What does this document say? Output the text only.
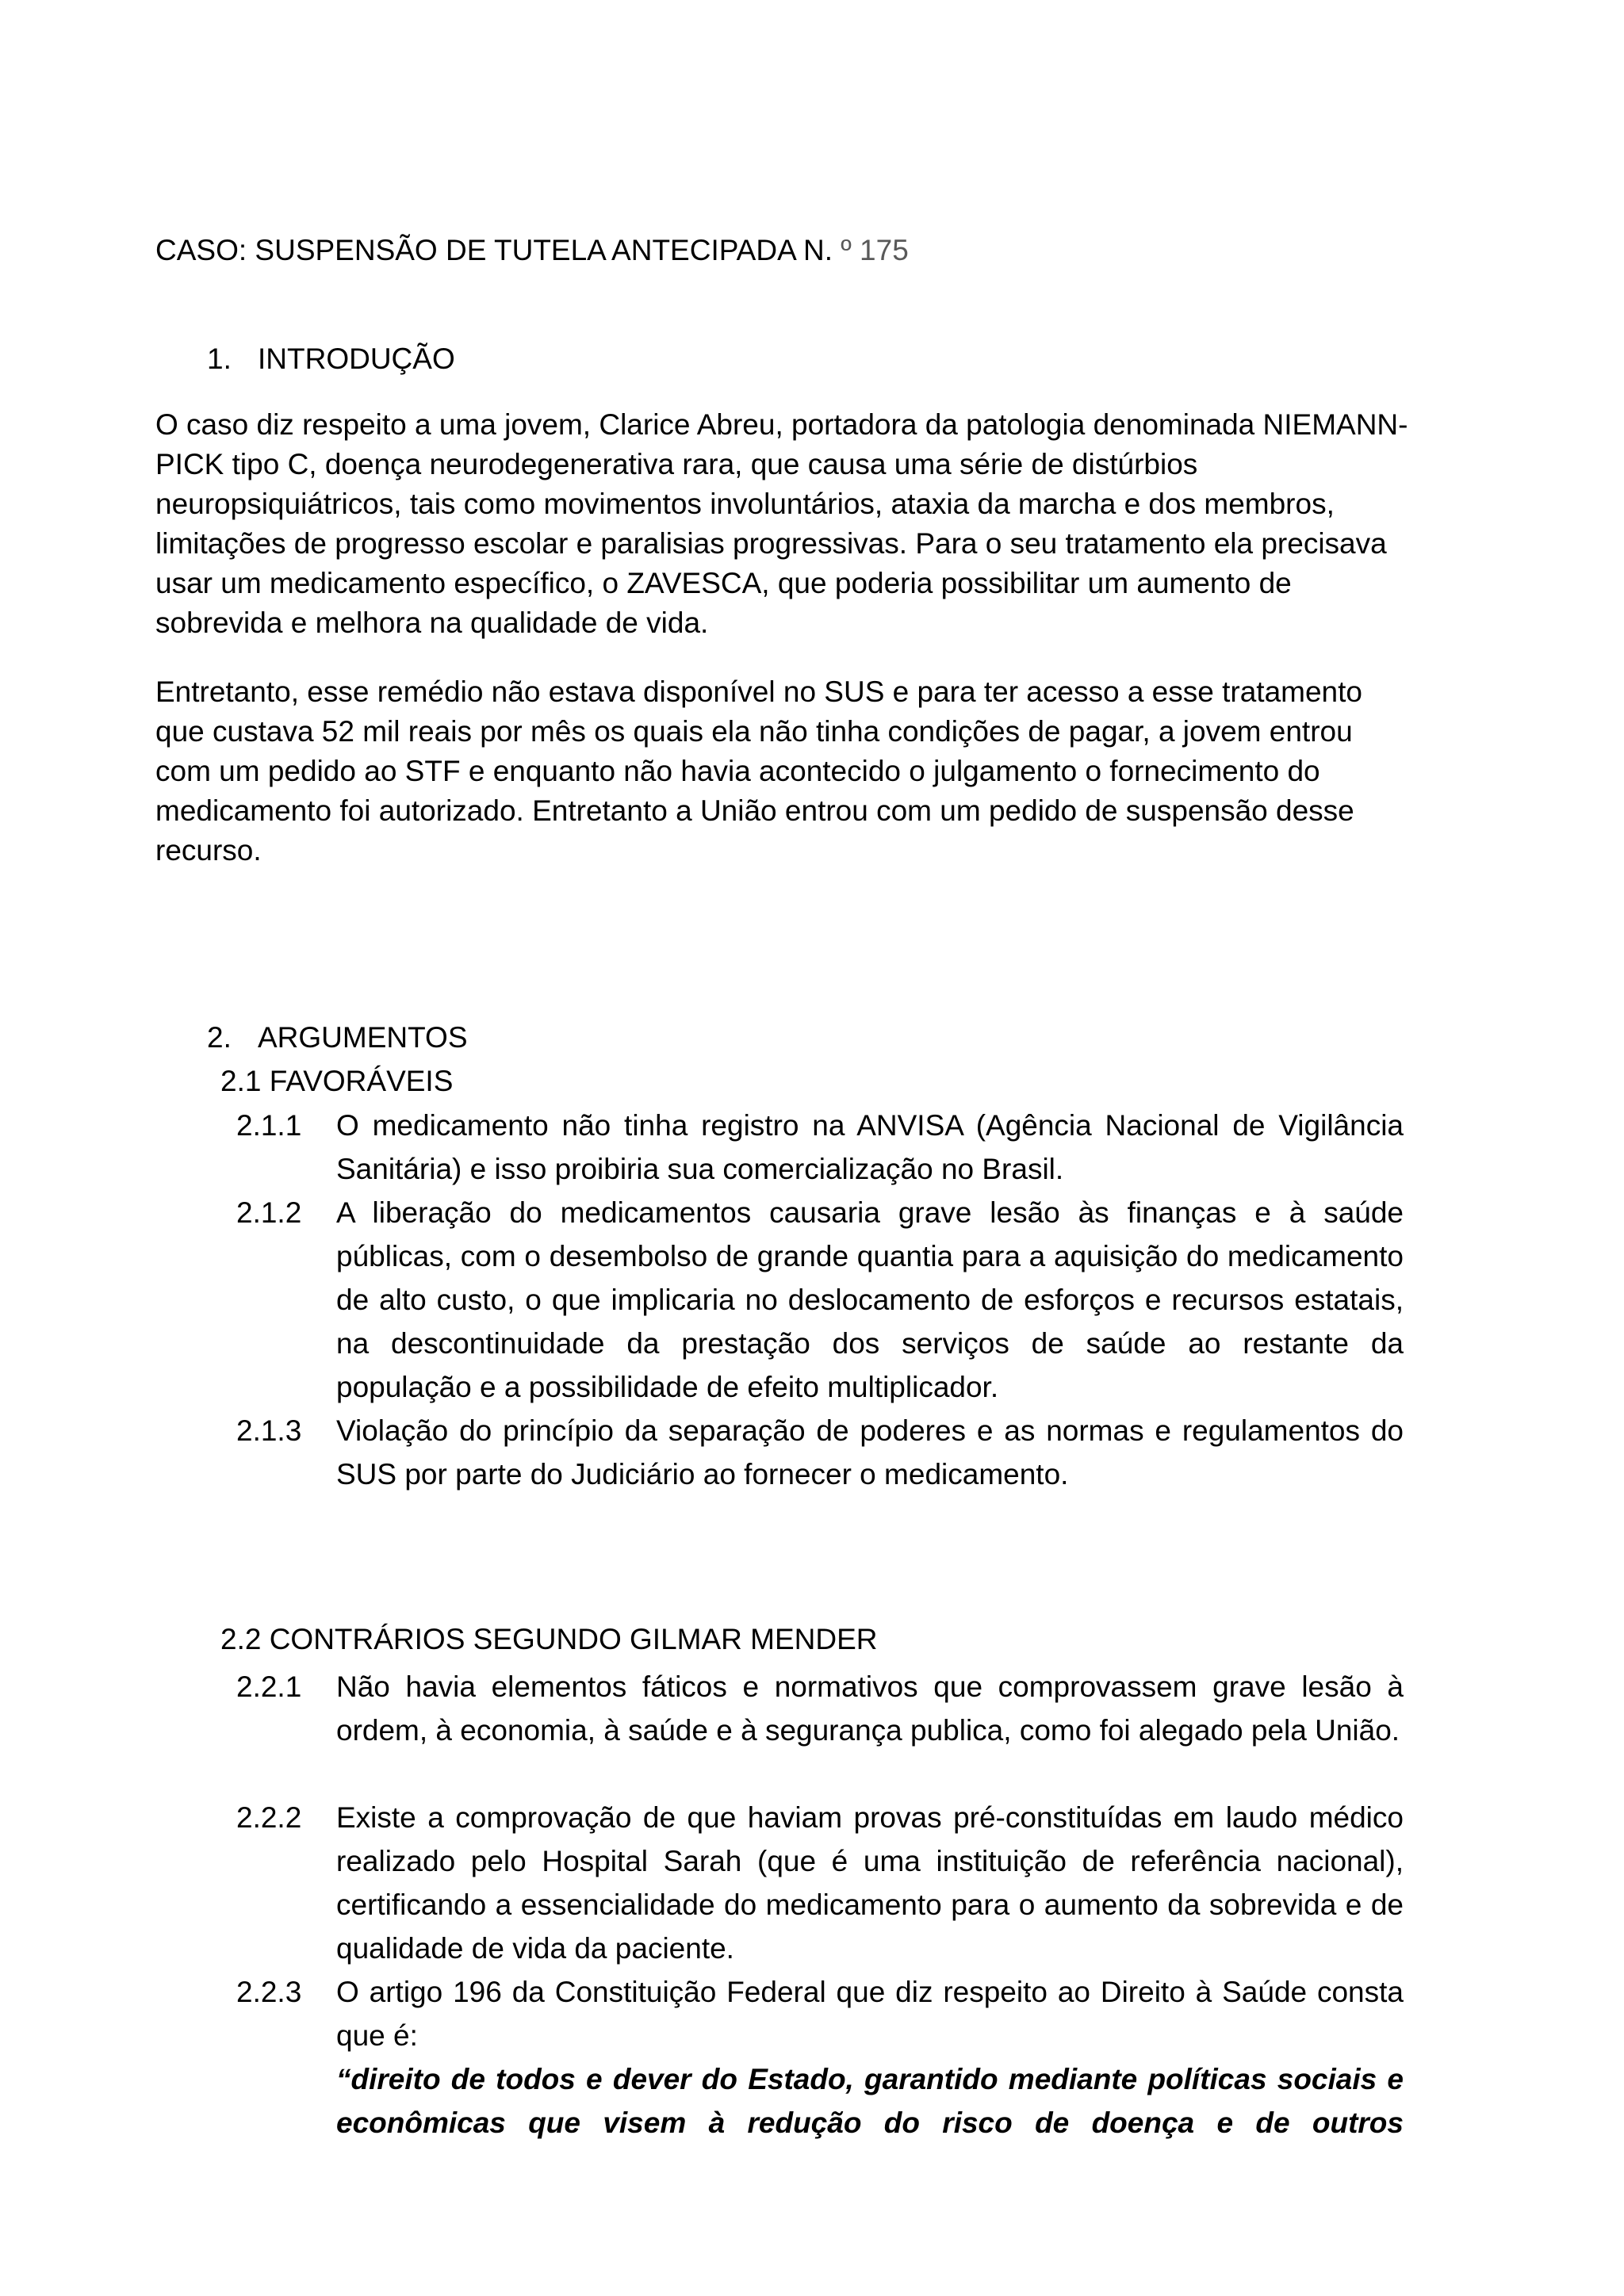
CASO: SUSPENSÃO DE TUTELA ANTECIPADA N. º 175
1. INTRODUÇÃO

O caso diz respeito a uma jovem, Clarice Abreu, portadora da patologia denominada NIEMANN-PICK tipo C, doença neurodegenerativa rara, que causa uma série de distúrbios neuropsiquiátricos, tais como movimentos involuntários, ataxia da marcha e dos membros, limitações de progresso escolar e paralisias progressivas. Para o seu tratamento ela precisava usar um medicamento específico, o ZAVESCA, que poderia possibilitar um aumento de sobrevida e melhora na qualidade de vida.

Entretanto, esse remédio não estava disponível no SUS e para ter acesso a esse tratamento que custava 52 mil reais por mês os quais ela não tinha condições de pagar, a jovem entrou com um pedido ao STF e enquanto não havia acontecido o julgamento o fornecimento do medicamento foi autorizado. Entretanto a União entrou com um pedido de suspensão desse recurso.

2. ARGUMENTOS
2.1 FAVORÁVEIS
2.1.1	O medicamento não tinha registro na ANVISA (Agência Nacional de Vigilância Sanitária) e isso proibiria sua comercialização no Brasil.
2.1.2	A liberação do medicamentos causaria grave lesão às finanças e à saúde públicas, com o desembolso de grande quantia para a aquisição do medicamento de alto custo, o que implicaria no deslocamento de esforços e recursos estatais, na descontinuidade da prestação dos serviços de saúde ao restante da população e a possibilidade de efeito multiplicador.
2.1.3	Violação do princípio da separação de poderes e as normas e regulamentos do SUS por parte do Judiciário ao fornecer o medicamento.
2.2 CONTRÁRIOS SEGUNDO GILMAR MENDER
2.2.1	Não havia elementos fáticos e normativos que comprovassem grave lesão à ordem, à economia, à saúde e à segurança publica, como foi alegado pela União.
2.2.2	Existe a comprovação de que haviam provas pré-constituídas em laudo médico realizado pelo Hospital Sarah (que é uma instituição de referência nacional), certificando a essencialidade do medicamento para o aumento da sobrevida e de qualidade de vida da paciente.
2.2.3	O artigo 196 da Constituição Federal que diz respeito ao Direito à Saúde consta que é:
“direito de todos e dever do Estado, garantido mediante políticas sociais e econômicas que visem à redução do risco de doença e de outros
